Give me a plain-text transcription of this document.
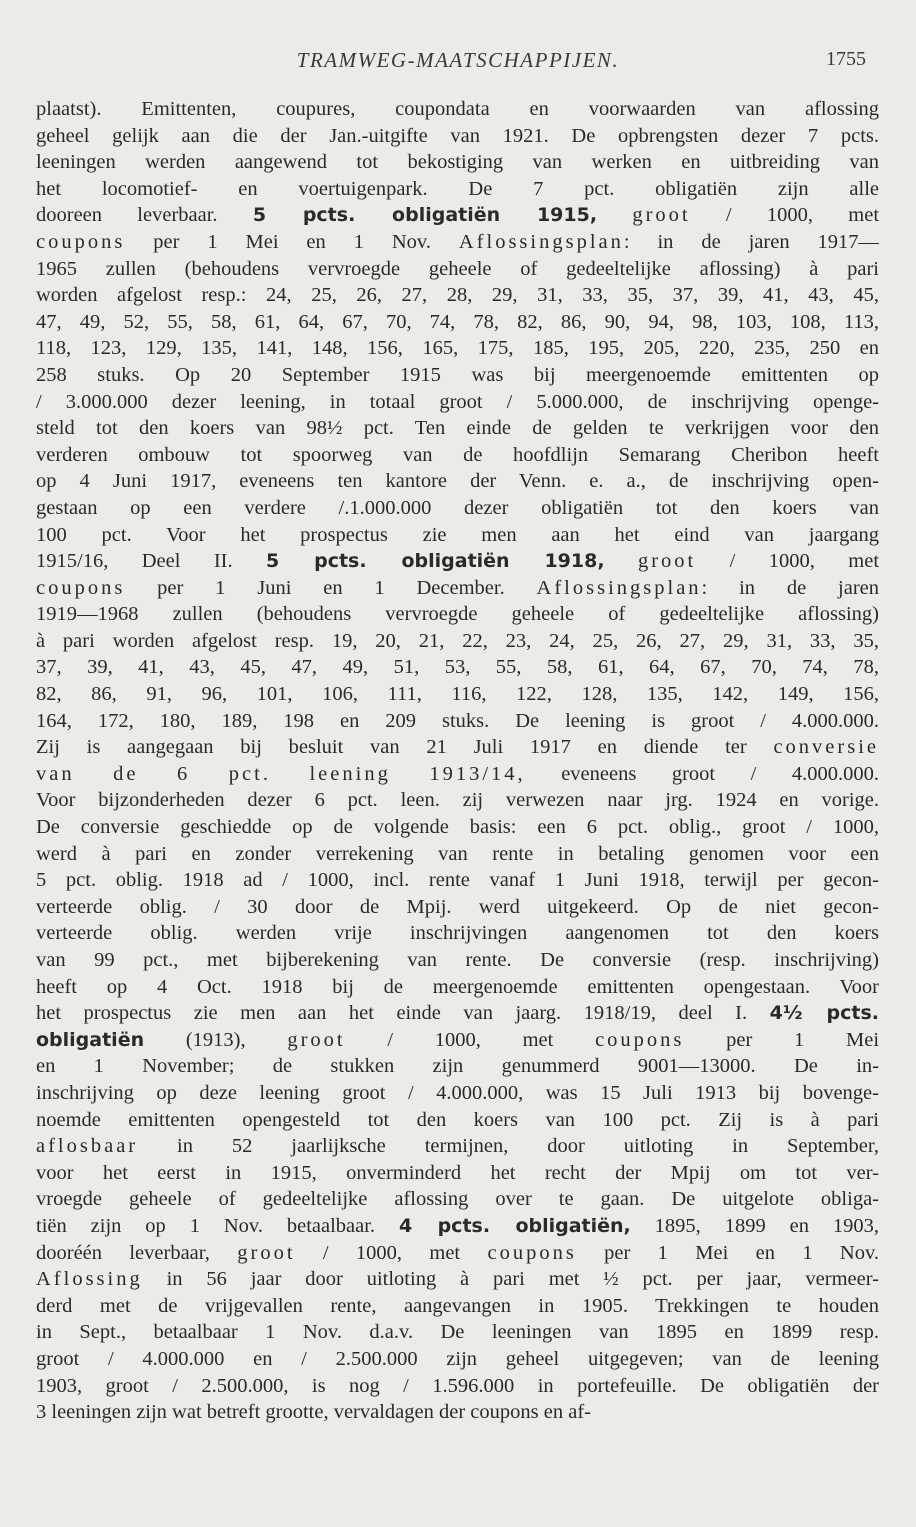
TRAMWEG-MAATSCHAPPIJEN.	1755
plaatst). Emittenten, coupures, coupondata en voorwaarden van aflossing
geheel gelijk aan die der Jan.-uitgifte van 1921. De opbrengsten dezer 7 pcts.
leeningen werden aangewend tot bekostiging van werken en uitbreiding van
het locomotief- en voertuigenpark. De 7 pct. obligatiën zijn alle
dooreen leverbaar. 5 pcts. obligatiën 1915, groot / 1000, met
coupons per 1 Mei en 1 Nov. Aflossingsplan: in de jaren 1917—
1965 zullen (behoudens vervroegde geheele of gedeeltelijke aflossing) à pari
worden afgelost resp.: 24, 25, 26, 27, 28, 29, 31, 33, 35, 37, 39, 41, 43, 45,
47, 49, 52, 55, 58, 61, 64, 67, 70, 74, 78, 82, 86, 90, 94, 98, 103, 108, 113,
118, 123, 129, 135, 141, 148, 156, 165, 175, 185, 195, 205, 220, 235, 250 en
258 stuks. Op 20 September 1915 was bij meergenoemde emittenten op
/ 3.000.000 dezer leening, in totaal groot / 5.000.000, de inschrijving openge-
steld tot den koers van 98½ pct. Ten einde de gelden te verkrijgen voor den
verderen ombouw tot spoorweg van de hoofdlijn Semarang Cheribon heeft
op 4 Juni 1917, eveneens ten kantore der Venn. e. a., de inschrijving open-
gestaan op een verdere /.1.000.000 dezer obligatiën tot den koers van
100 pct. Voor het prospectus zie men aan het eind van jaargang
1915/16, Deel II. 5 pcts. obligatiën 1918, groot / 1000, met
coupons per 1 Juni en 1 December. Aflossingsplan: in de jaren
1919—1968 zullen (behoudens vervroegde geheele of gedeeltelijke aflossing)
à pari worden afgelost resp. 19, 20, 21, 22, 23, 24, 25, 26, 27, 29, 31, 33, 35,
37, 39, 41, 43, 45, 47, 49, 51, 53, 55, 58, 61, 64, 67, 70, 74, 78,
82, 86, 91, 96, 101, 106, 111, 116, 122, 128, 135, 142, 149, 156,
164, 172, 180, 189, 198 en 209 stuks. De leening is groot / 4.000.000.
Zij is aangegaan bij besluit van 21 Juli 1917 en diende ter conversie
van de 6 pct. leening 1913/14, eveneens groot / 4.000.000.
Voor bijzonderheden dezer 6 pct. leen. zij verwezen naar jrg. 1924 en vorige.
De conversie geschiedde op de volgende basis: een 6 pct. oblig., groot / 1000,
werd à pari en zonder verrekening van rente in betaling genomen voor een
5 pct. oblig. 1918 ad / 1000, incl. rente vanaf 1 Juni 1918, terwijl per gecon-
verteerde oblig. / 30 door de Mpij. werd uitgekeerd. Op de niet gecon-
verteerde oblig. werden vrije inschrijvingen aangenomen tot den koers
van 99 pct., met bijberekening van rente. De conversie (resp. inschrijving)
heeft op 4 Oct. 1918 bij de meergenoemde emittenten opengestaan. Voor
het prospectus zie men aan het einde van jaarg. 1918/19, deel I. 4½ pcts.
obligatiën (1913), groot / 1000, met coupons per 1 Mei
en 1 November; de stukken zijn genummerd 9001—13000. De in-
inschrijving op deze leening groot / 4.000.000, was 15 Juli 1913 bij bovenge-
noemde emittenten opengesteld tot den koers van 100 pct. Zij is à pari
aflosbaar in 52 jaarlijksche termijnen, door uitloting in September,
voor het eerst in 1915, onverminderd het recht der Mpij om tot ver-
vroegde geheele of gedeeltelijke aflossing over te gaan. De uitgelote obliga-
tiën zijn op 1 Nov. betaalbaar. 4 pcts. obligatiën, 1895, 1899 en 1903,
dooréén leverbaar, groot / 1000, met coupons per 1 Mei en 1 Nov.
Aflossing in 56 jaar door uitloting à pari met ½ pct. per jaar, vermeer-
derd met de vrijgevallen rente, aangevangen in 1905. Trekkingen te houden
in Sept., betaalbaar 1 Nov. d.a.v. De leeningen van 1895 en 1899 resp.
groot / 4.000.000 en / 2.500.000 zijn geheel uitgegeven; van de leening
1903, groot / 2.500.000, is nog / 1.596.000 in portefeuille. De obligatiën der
3 leeningen zijn wat betreft grootte, vervaldagen der coupons en af-
